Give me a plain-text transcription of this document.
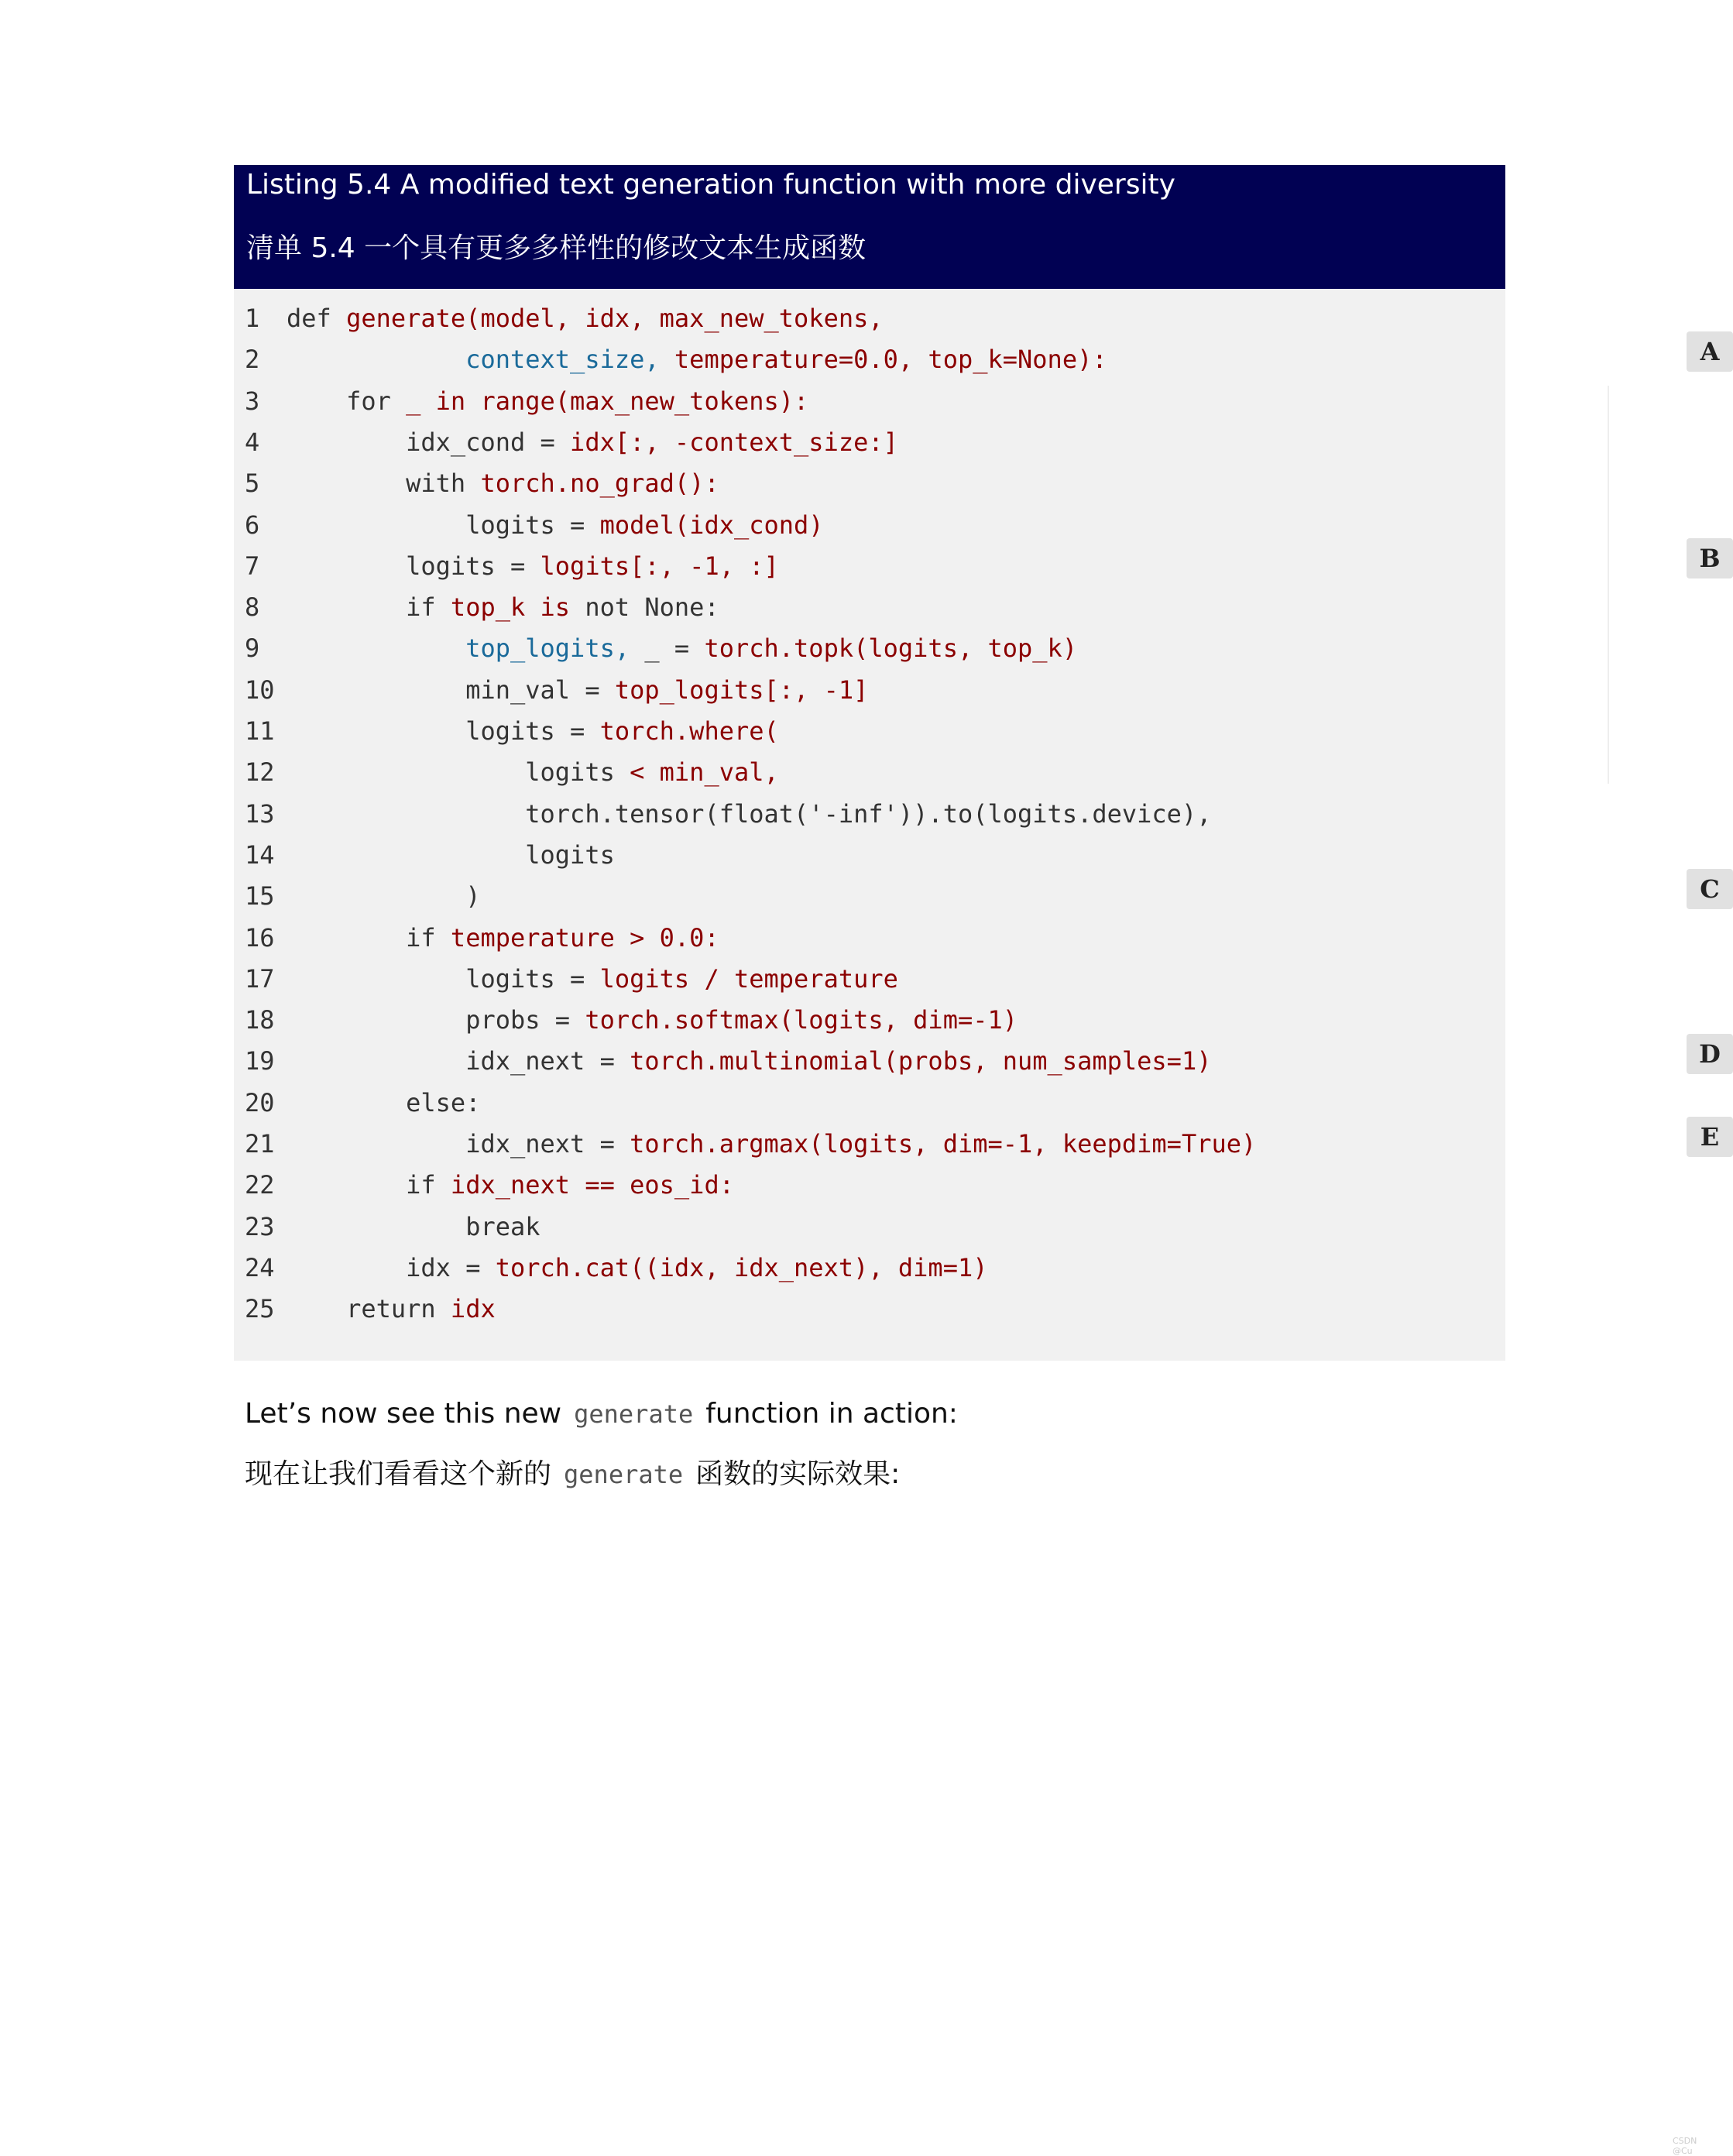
Listing 5.4 A modified text generation function with more diversity
清单 5.4 一个具有更多多样性的修改文本生成函数
A
B
C
D
E
1	def generate(model, idx, max_new_tokens,
2	context_size, temperature=0.0, top_k=None):
3	for _ in range(max_new_tokens):
4	idx_cond = idx[:, -context_size:]
5	with torch.no_grad():
6	logits = model(idx_cond)
7	logits = logits[:, -1, :]
8	if top_k is not None:
9	top_logits, _ = torch.topk(logits, top_k)
10	min_val = top_logits[:, -1]
11	logits = torch.where(
12	logits < min_val,
13	torch.tensor(float('-inf')).to(logits.device),
14	logits
15	)
16	if temperature > 0.0:
17	logits = logits / temperature
18	probs = torch.softmax(logits, dim=-1)
19	idx_next = torch.multinomial(probs, num_samples=1)
20	else:
21	idx_next = torch.argmax(logits, dim=-1, keepdim=True)
22	if idx_next == eos_id:
23	break
24	idx = torch.cat((idx, idx_next), dim=1)
25	return idx
Let’s now see this new generate function in action:
现在让我们看看这个新的 generate 函数的实际效果:
CSDN @Cu
